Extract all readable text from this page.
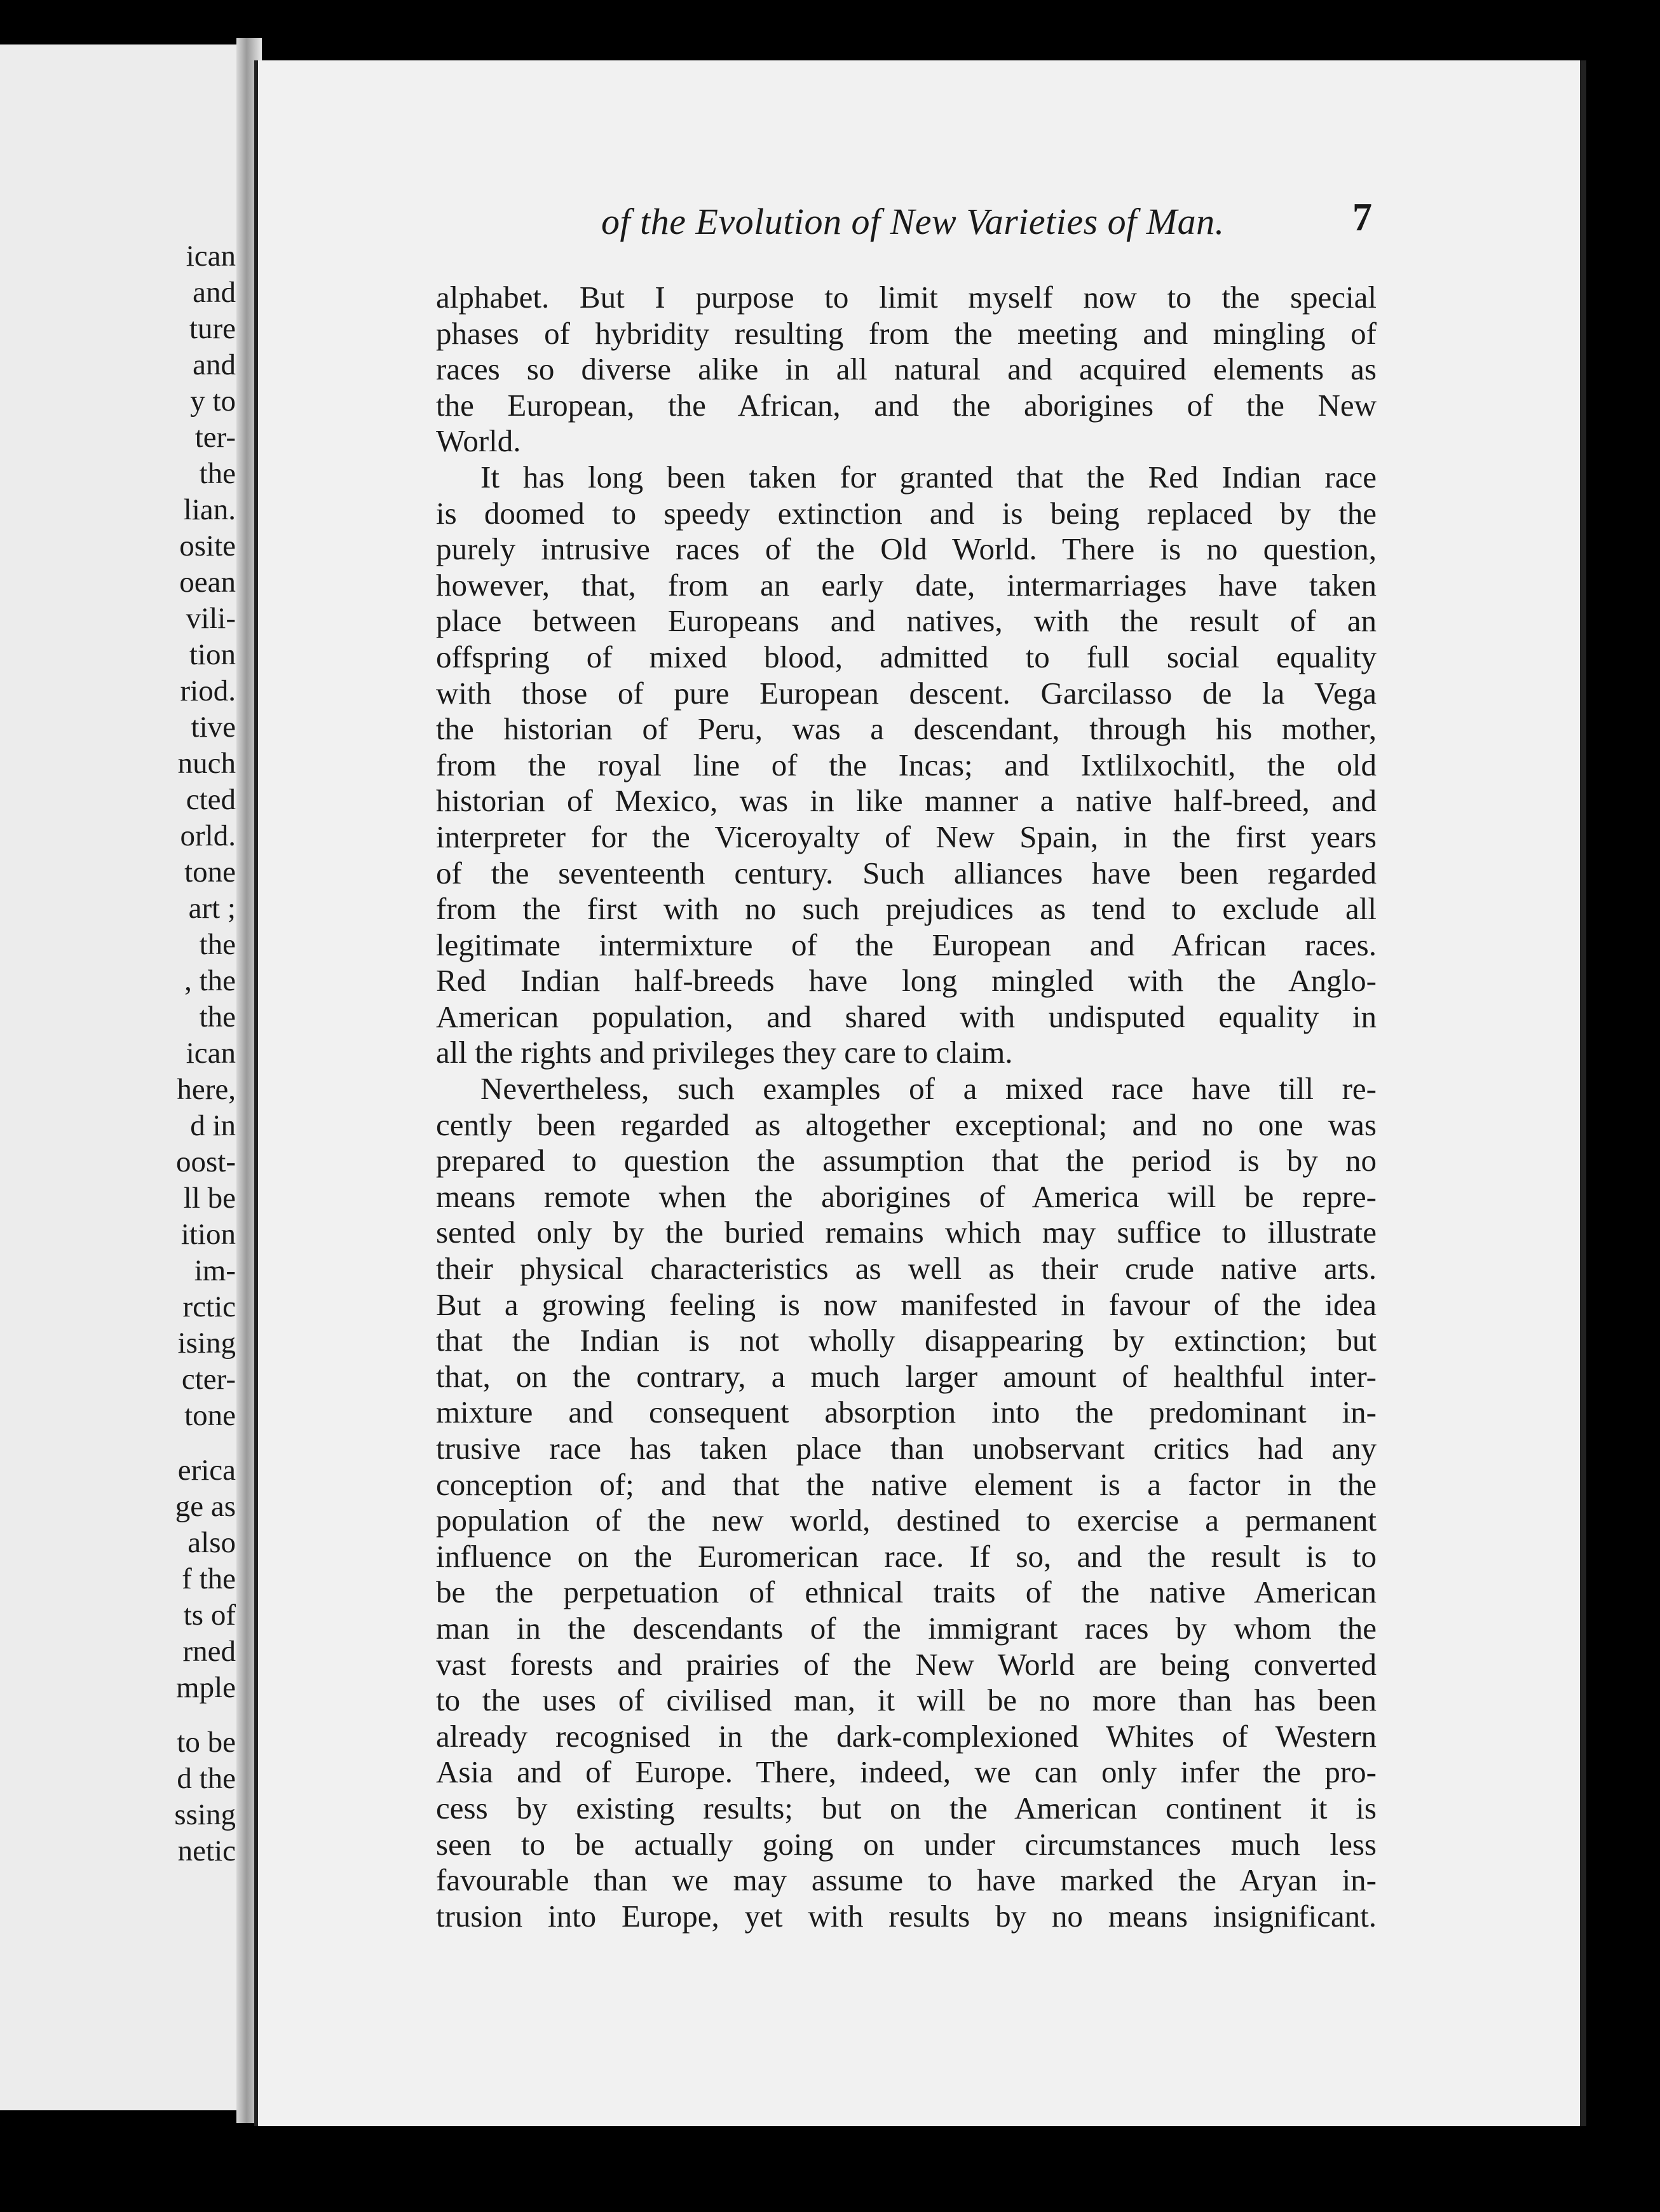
ican
and
ture
and
y to
ter-
the
lian.
osite
oean
vili-
tion
riod.
tive
nuch
cted
orld.
tone
art ;
the
, the
the
ican
here,
d in
oost-
ll be
ition
im-
rctic
ising
cter-
tone
erica
ge as
also
f the
ts of
rned
mple
to be
d the
ssing
netic
of the Evolution of New Varieties of Man.	7
alphabet. But I purpose to limit myself now to the special
phases of hybridity resulting from the meeting and mingling of
races so diverse alike in all natural and acquired elements as
the European, the African, and the aborigines of the New
World.
It has long been taken for granted that the Red Indian race
is doomed to speedy extinction and is being replaced by the
purely intrusive races of the Old World. There is no question,
however, that, from an early date, intermarriages have taken
place between Europeans and natives, with the result of an
offspring of mixed blood, admitted to full social equality
with those of pure European descent. Garcilasso de la Vega
the historian of Peru, was a descendant, through his mother,
from the royal line of the Incas; and Ixtlilxochitl, the old
historian of Mexico, was in like manner a native half-breed, and
interpreter for the Viceroyalty of New Spain, in the first years
of the seventeenth century. Such alliances have been regarded
from the first with no such prejudices as tend to exclude all
legitimate intermixture of the European and African races.
Red Indian half-breeds have long mingled with the Anglo-
American population, and shared with undisputed equality in
all the rights and privileges they care to claim.
Nevertheless, such examples of a mixed race have till re-
cently been regarded as altogether exceptional; and no one was
prepared to question the assumption that the period is by no
means remote when the aborigines of America will be repre-
sented only by the buried remains which may suffice to illustrate
their physical characteristics as well as their crude native arts.
But a growing feeling is now manifested in favour of the idea
that the Indian is not wholly disappearing by extinction; but
that, on the contrary, a much larger amount of healthful inter-
mixture and consequent absorption into the predominant in-
trusive race has taken place than unobservant critics had any
conception of; and that the native element is a factor in the
population of the new world, destined to exercise a permanent
influence on the Euromerican race. If so, and the result is to
be the perpetuation of ethnical traits of the native American
man in the descendants of the immigrant races by whom the
vast forests and prairies of the New World are being converted
to the uses of civilised man, it will be no more than has been
already recognised in the dark-complexioned Whites of Western
Asia and of Europe. There, indeed, we can only infer the pro-
cess by existing results; but on the American continent it is
seen to be actually going on under circumstances much less
favourable than we may assume to have marked the Aryan in-
trusion into Europe, yet with results by no means insignificant.
